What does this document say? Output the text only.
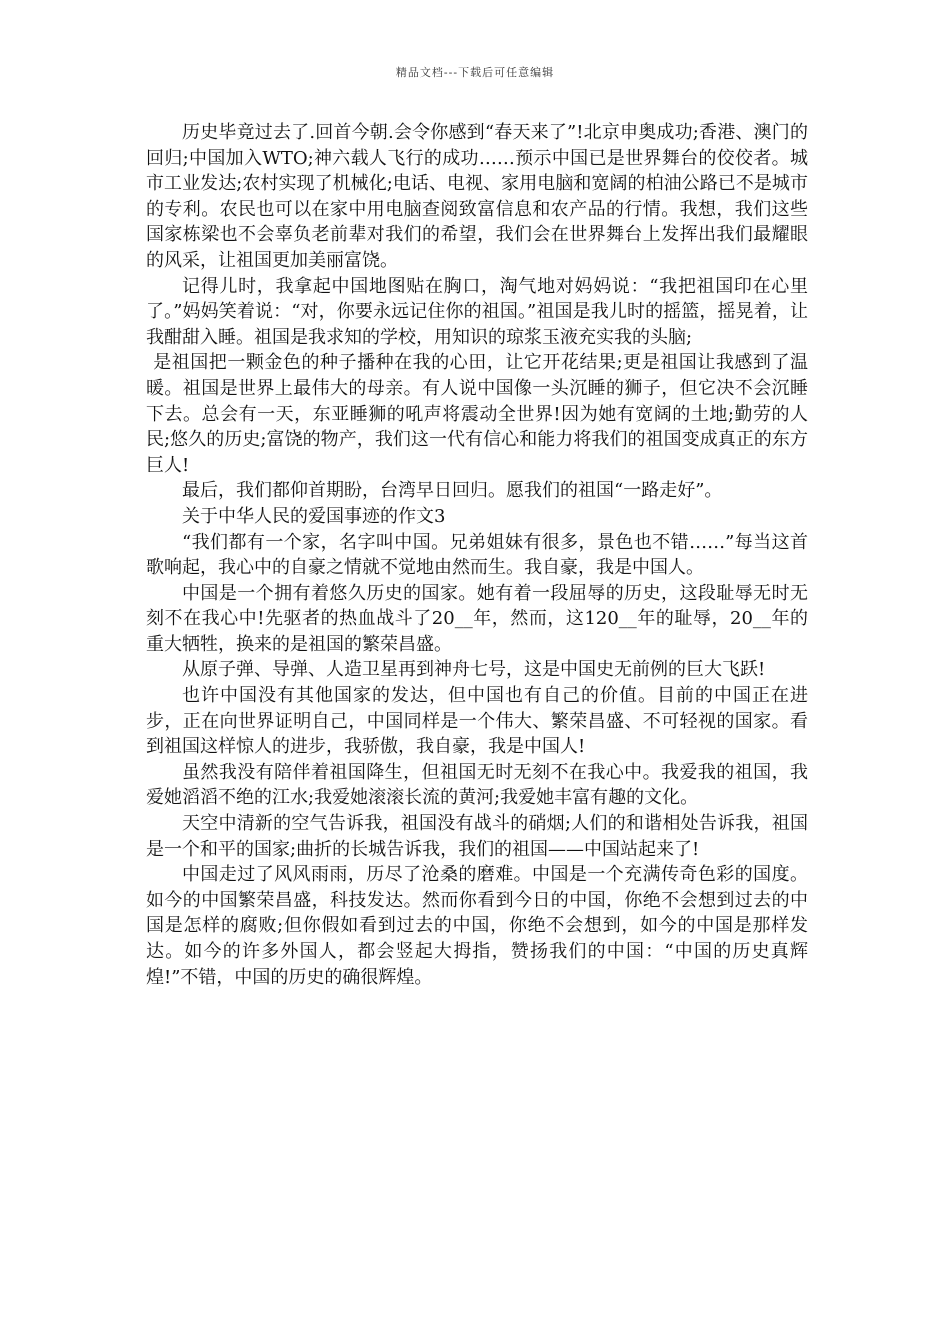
精品文档---下载后可任意编辑

历史毕竟过去了.回首今朝.会令你感到“春天来了”!北京申奥成功;香港、澳门的回归;中国加入WTO;神六载人飞行的成功……预示中国已是世界舞台的佼佼者。城市工业发达;农村实现了机械化;电话、电视、家用电脑和宽阔的柏油公路已不是城市的专利。农民也可以在家中用电脑查阅致富信息和农产品的行情。我想，我们这些国家栋梁也不会辜负老前辈对我们的希望，我们会在世界舞台上发挥出我们最耀眼的风采，让祖国更加美丽富饶。

记得儿时，我拿起中国地图贴在胸口，淘气地对妈妈说：“我把祖国印在心里了。”妈妈笑着说：“对，你要永远记住你的祖国。”祖国是我儿时的摇篮，摇晃着，让我酣甜入睡。祖国是我求知的学校，用知识的琼浆玉液充实我的头脑;

是祖国把一颗金色的种子播种在我的心田，让它开花结果;更是祖国让我感到了温暖。祖国是世界上最伟大的母亲。有人说中国像一头沉睡的狮子，但它决不会沉睡下去。总会有一天，东亚睡狮的吼声将震动全世界!因为她有宽阔的土地;勤劳的人民;悠久的历史;富饶的物产，我们这一代有信心和能力将我们的祖国变成真正的东方巨人!

最后，我们都仰首期盼，台湾早日回归。愿我们的祖国“一路走好”。

关于中华人民的爱国事迹的作文3

“我们都有一个家，名字叫中国。兄弟姐妹有很多，景色也不错……”每当这首歌响起，我心中的自豪之情就不觉地由然而生。我自豪，我是中国人。

中国是一个拥有着悠久历史的国家。她有着一段屈辱的历史，这段耻辱无时无刻不在我心中!先驱者的热血战斗了20__年，然而，这120__年的耻辱，20__年的重大牺牲，换来的是祖国的繁荣昌盛。

从原子弹、导弹、人造卫星再到神舟七号，这是中国史无前例的巨大飞跃!

也许中国没有其他国家的发达，但中国也有自己的价值。目前的中国正在进步，正在向世界证明自己，中国同样是一个伟大、繁荣昌盛、不可轻视的国家。看到祖国这样惊人的进步，我骄傲，我自豪，我是中国人!

虽然我没有陪伴着祖国降生，但祖国无时无刻不在我心中。我爱我的祖国，我爱她滔滔不绝的江水;我爱她滚滚长流的黄河;我爱她丰富有趣的文化。

天空中清新的空气告诉我，祖国没有战斗的硝烟;人们的和谐相处告诉我，祖国是一个和平的国家;曲折的长城告诉我，我们的祖国——中国站起来了!

中国走过了风风雨雨，历尽了沧桑的磨难。中国是一个充满传奇色彩的国度。如今的中国繁荣昌盛，科技发达。然而你看到今日的中国，你绝不会想到过去的中国是怎样的腐败;但你假如看到过去的中国，你绝不会想到，如今的中国是那样发达。如今的许多外国人，都会竖起大拇指，赞扬我们的中国：“中国的历史真辉煌!”不错，中国的历史的确很辉煌。
